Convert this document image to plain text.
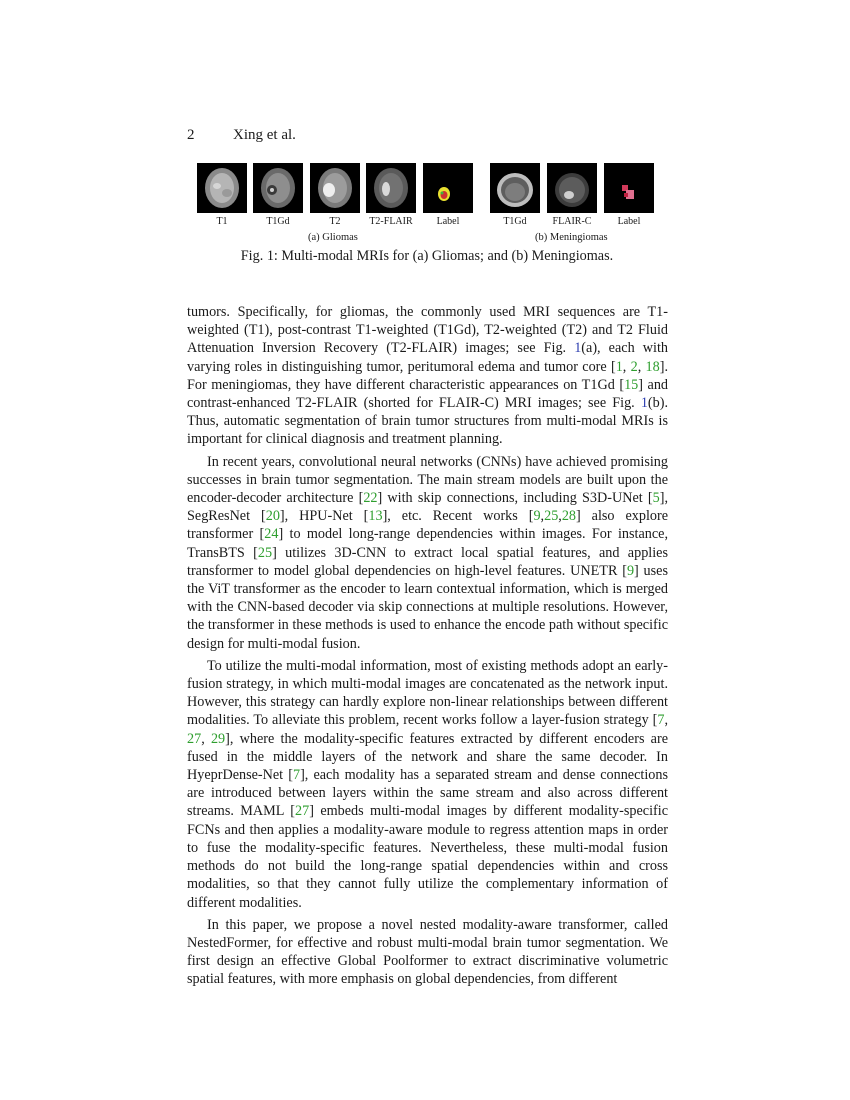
2	Xing et al.
T1	T1Gd	T2	T2-FLAIR	Label	T1Gd	FLAIR-C	Label
(a) Gliomas	(b) Meningiomas
Fig. 1: Multi-modal MRIs for (a) Gliomas; and (b) Meningiomas.

tumors. Specifically, for gliomas, the commonly used MRI sequences are T1-weighted (T1), post-contrast T1-weighted (T1Gd), T2-weighted (T2) and T2 Fluid Attenuation Inversion Recovery (T2-FLAIR) images; see Fig. 1(a), each with varying roles in distinguishing tumor, peritumoral edema and tumor core [1, 2, 18]. For meningiomas, they have different characteristic appearances on T1Gd [15] and contrast-enhanced T2-FLAIR (shorted for FLAIR-C) MRI images; see Fig. 1(b). Thus, automatic segmentation of brain tumor structures from multi-modal MRIs is important for clinical diagnosis and treatment planning.

In recent years, convolutional neural networks (CNNs) have achieved promising successes in brain tumor segmentation. The main stream models are built upon the encoder-decoder architecture [22] with skip connections, including S3D-UNet [5], SegResNet [20], HPU-Net [13], etc. Recent works [9,25,28] also explore transformer [24] to model long-range dependencies within images. For instance, TransBTS [25] utilizes 3D-CNN to extract local spatial features, and applies transformer to model global dependencies on high-level features. UNETR [9] uses the ViT transformer as the encoder to learn contextual information, which is merged with the CNN-based decoder via skip connections at multiple resolutions. However, the transformer in these methods is used to enhance the encode path without specific design for multi-modal fusion.

To utilize the multi-modal information, most of existing methods adopt an early-fusion strategy, in which multi-modal images are concatenated as the network input. However, this strategy can hardly explore non-linear relationships between different modalities. To alleviate this problem, recent works follow a layer-fusion strategy [7, 27, 29], where the modality-specific features extracted by different encoders are fused in the middle layers of the network and share the same decoder. In HyeprDense-Net [7], each modality has a separated stream and dense connections are introduced between layers within the same stream and also across different streams. MAML [27] embeds multi-modal images by different modality-specific FCNs and then applies a modality-aware module to regress attention maps in order to fuse the modality-specific features. Nevertheless, these multi-modal fusion methods do not build the long-range spatial dependencies within and cross modalities, so that they cannot fully utilize the complementary information of different modalities.

In this paper, we propose a novel nested modality-aware transformer, called NestedFormer, for effective and robust multi-modal brain tumor segmentation. We first design an effective Global Poolformer to extract discriminative volumetric spatial features, with more emphasis on global dependencies, from different
